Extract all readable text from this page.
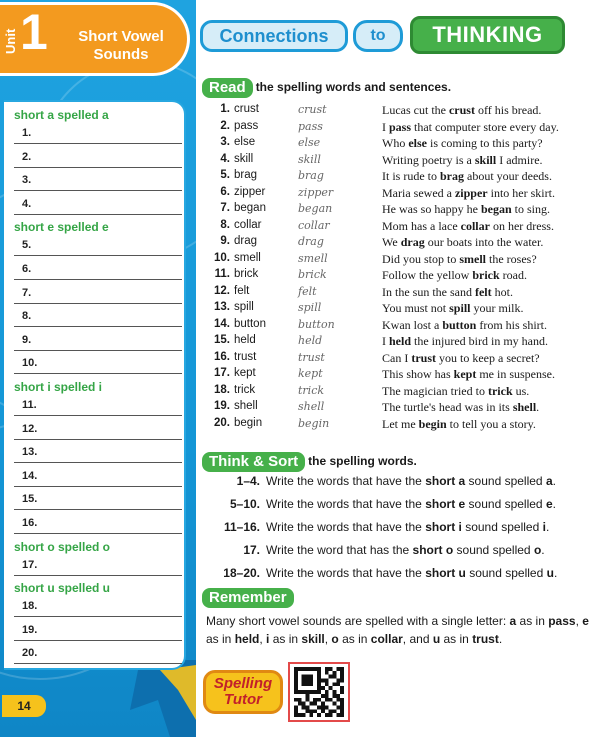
Unit 1	Short Vowel Sounds
short a spelled a
1.
2.
3.
4.
short e spelled e
5.
6.
7.
8.
9.
10.
short i spelled i
11.
12.
13.
14.
15.
16.
short o spelled o
17.
short u spelled u
18.
19.
20.
14
Connections	to	THINKING
Read the spelling words and sentences.
1. crust	crust	Lucas cut the crust off his bread.
2. pass	pass	I pass that computer store every day.
3. else	else	Who else is coming to this party?
4. skill	skill	Writing poetry is a skill I admire.
5. brag	brag	It is rude to brag about your deeds.
6. zipper	zipper	Maria sewed a zipper into her skirt.
7. began	began	He was so happy he began to sing.
8. collar	collar	Mom has a lace collar on her dress.
9. drag	drag	We drag our boats into the water.
10. smell	smell	Did you stop to smell the roses?
11. brick	brick	Follow the yellow brick road.
12. felt	felt	In the sun the sand felt hot.
13. spill	spill	You must not spill your milk.
14. button	button	Kwan lost a button from his shirt.
15. held	held	I held the injured bird in my hand.
16. trust	trust	Can I trust you to keep a secret?
17. kept	kept	This show has kept me in suspense.
18. trick	trick	The magician tried to trick us.
19. shell	shell	The turtle's head was in its shell.
20. begin	begin	Let me begin to tell you a story.
Think & Sort the spelling words.
1–4. Write the words that have the short a sound spelled a.
5–10. Write the words that have the short e sound spelled e.
11–16. Write the words that have the short i sound spelled i.
17. Write the word that has the short o sound spelled o.
18–20. Write the words that have the short u sound spelled u.
Remember
Many short vowel sounds are spelled with a single letter: a as in pass, e as in held, i as in skill, o as in collar, and u as in trust.
Spelling
Tutor
